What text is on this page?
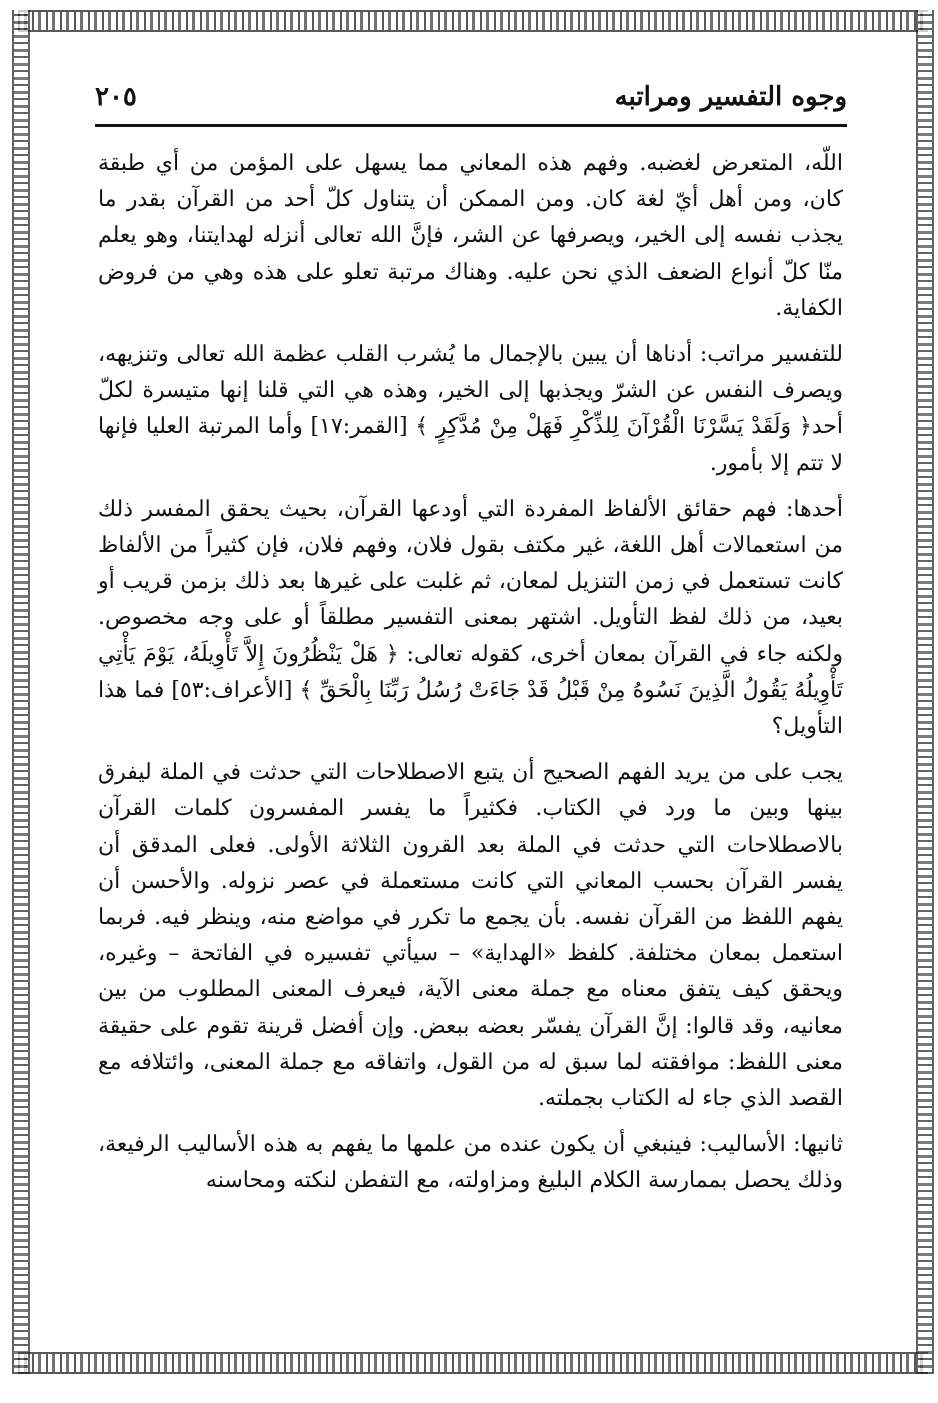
وجوه التفسير ومراتبه
٢٠٥

اللّه، المتعرض لغضبه. وفهم هذه المعاني مما يسهل على المؤمن من أي طبقة كان، ومن أهل أيّ لغة كان. ومن الممكن أن يتناول كلّ أحد من القرآن بقدر ما يجذب نفسه إلى الخير، ويصرفها عن الشر، فإنَّ الله تعالى أنزله لهدايتنا، وهو يعلم منّا كلّ أنواع الضعف الذي نحن عليه. وهناك مرتبة تعلو على هذه وهي من فروض الكفاية.

للتفسير مراتب: أدناها أن يبين بالإجمال ما يُشرب القلب عظمة الله تعالى وتنزيهه، ويصرف النفس عن الشرّ ويجذبها إلى الخير، وهذه هي التي قلنا إنها متيسرة لكلّ أحد﴿ وَلَقَدْ يَسَّرْنَا الْقُرْآنَ لِلذِّكْرِ فَهَلْ مِنْ مُدَّكِرٍ ﴾ [القمر:١٧] وأما المرتبة العليا فإنها لا تتم إلا بأمور.

أحدها: فهم حقائق الألفاظ المفردة التي أودعها القرآن، بحيث يحقق المفسر ذلك من استعمالات أهل اللغة، غير مكتف بقول فلان، وفهم فلان، فإن كثيراً من الألفاظ كانت تستعمل في زمن التنزيل لمعان، ثم غلبت على غيرها بعد ذلك بزمن قريب أو بعيد، من ذلك لفظ التأويل. اشتهر بمعنى التفسير مطلقاً أو على وجه مخصوص. ولكنه جاء في القرآن بمعان أخرى، كقوله تعالى: ﴿ هَلْ يَنْظُرُونَ إِلاَّ تَأْوِيلَهُ، يَوْمَ يَأْتِي تَأْوِيلُهُ يَقُولُ الَّذِينَ نَسُوهُ مِنْ قَبْلُ قَدْ جَاءَتْ رُسُلُ رَبِّنَا بِالْحَقِّ ﴾ [الأعراف:٥٣] فما هذا التأويل؟

يجب على من يريد الفهم الصحيح أن يتبع الاصطلاحات التي حدثت في الملة ليفرق بينها وبين ما ورد في الكتاب. فكثيراً ما يفسر المفسرون كلمات القرآن بالاصطلاحات التي حدثت في الملة بعد القرون الثلاثة الأولى. فعلى المدقق أن يفسر القرآن بحسب المعاني التي كانت مستعملة في عصر نزوله. والأحسن أن يفهم اللفظ من القرآن نفسه. بأن يجمع ما تكرر في مواضع منه، وينظر فيه. فربما استعمل بمعان مختلفة. كلفظ «الهداية» – سيأتي تفسيره في الفاتحة – وغيره، ويحقق كيف يتفق معناه مع جملة معنى الآية، فيعرف المعنى المطلوب من بين معانيه، وقد قالوا: إنَّ القرآن يفسّر بعضه ببعض. وإن أفضل قرينة تقوم على حقيقة معنى اللفظ: موافقته لما سبق له من القول، واتفاقه مع جملة المعنى، وائتلافه مع القصد الذي جاء له الكتاب بجملته.

ثانيها: الأساليب: فينبغي أن يكون عنده من علمها ما يفهم به هذه الأساليب الرفيعة، وذلك يحصل بممارسة الكلام البليغ ومزاولته، مع التفطن لنكته ومحاسنه
